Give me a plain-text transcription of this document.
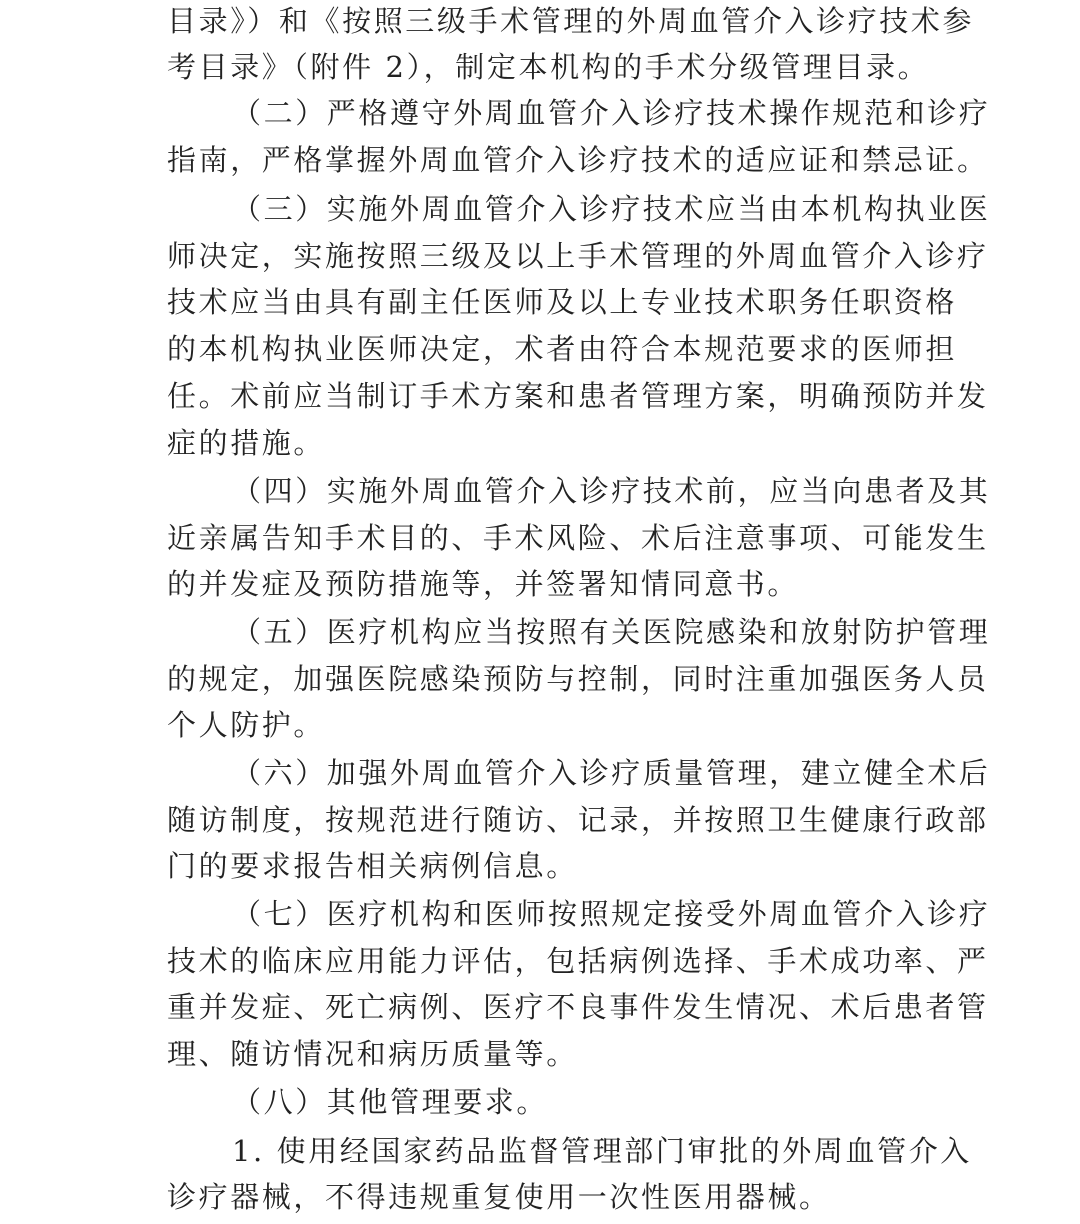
目录》）和《按照三级手术管理的外周血管介入诊疗技术参
考目录》（附件 2），制定本机构的手术分级管理目录。
（二）严格遵守外周血管介入诊疗技术操作规范和诊疗
指南，严格掌握外周血管介入诊疗技术的适应证和禁忌证。
（三）实施外周血管介入诊疗技术应当由本机构执业医
师决定，实施按照三级及以上手术管理的外周血管介入诊疗
技术应当由具有副主任医师及以上专业技术职务任职资格
的本机构执业医师决定，术者由符合本规范要求的医师担
任。术前应当制订手术方案和患者管理方案，明确预防并发
症的措施。
（四）实施外周血管介入诊疗技术前，应当向患者及其
近亲属告知手术目的、手术风险、术后注意事项、可能发生
的并发症及预防措施等，并签署知情同意书。
（五）医疗机构应当按照有关医院感染和放射防护管理
的规定，加强医院感染预防与控制，同时注重加强医务人员
个人防护。
（六）加强外周血管介入诊疗质量管理，建立健全术后
随访制度，按规范进行随访、记录，并按照卫生健康行政部
门的要求报告相关病例信息。
（七）医疗机构和医师按照规定接受外周血管介入诊疗
技术的临床应用能力评估，包括病例选择、手术成功率、严
重并发症、死亡病例、医疗不良事件发生情况、术后患者管
理、随访情况和病历质量等。
（八）其他管理要求。
1. 使用经国家药品监督管理部门审批的外周血管介入
诊疗器械，不得违规重复使用一次性医用器械。
